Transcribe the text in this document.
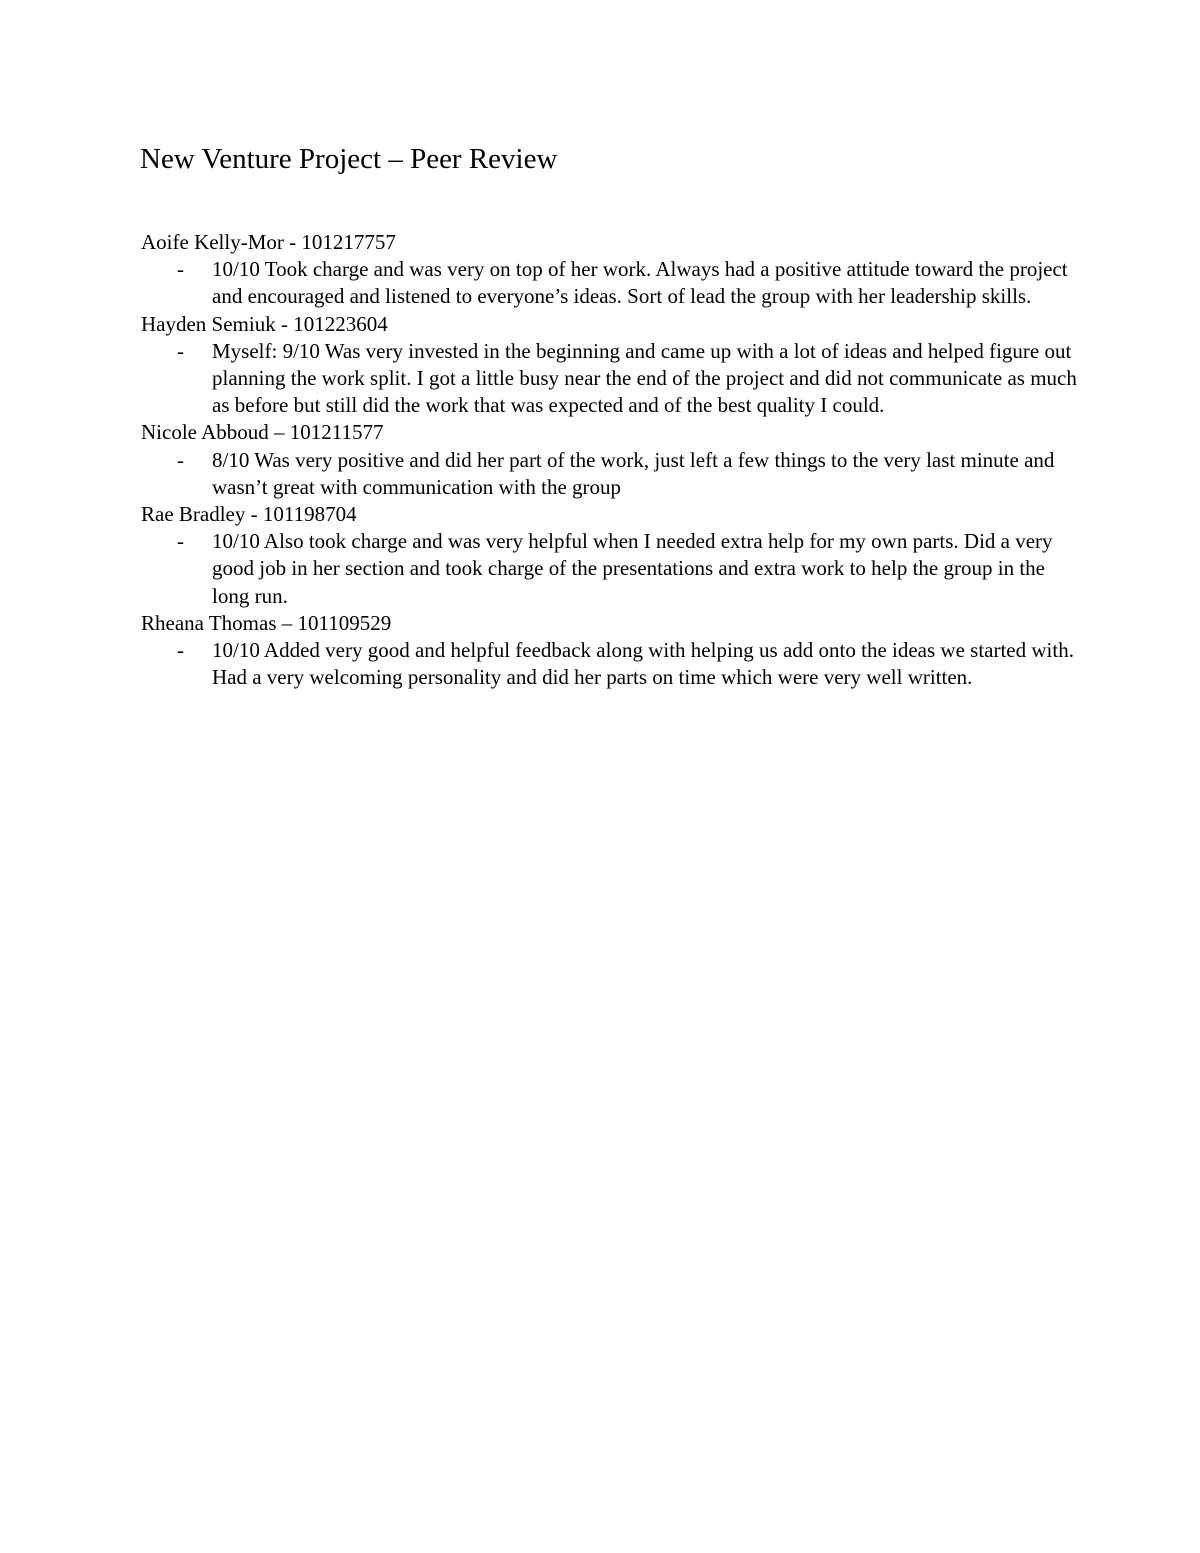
New Venture Project – Peer Review

Aoife Kelly-Mor - 101217757

- 10/10 Took charge and was very on top of her work. Always had a positive attitude toward the project and encouraged and listened to everyone’s ideas. Sort of lead the group with her leadership skills.

Hayden Semiuk - 101223604

- Myself: 9/10 Was very invested in the beginning and came up with a lot of ideas and helped figure out planning the work split. I got a little busy near the end of the project and did not communicate as much as before but still did the work that was expected and of the best quality I could.

Nicole Abboud – 101211577

- 8/10 Was very positive and did her part of the work, just left a few things to the very last minute and wasn’t great with communication with the group

Rae Bradley - 101198704

- 10/10 Also took charge and was very helpful when I needed extra help for my own parts. Did a very good job in her section and took charge of the presentations and extra work to help the group in the long run.

Rheana Thomas – 101109529

- 10/10 Added very good and helpful feedback along with helping us add onto the ideas we started with. Had a very welcoming personality and did her parts on time which were very well written.
